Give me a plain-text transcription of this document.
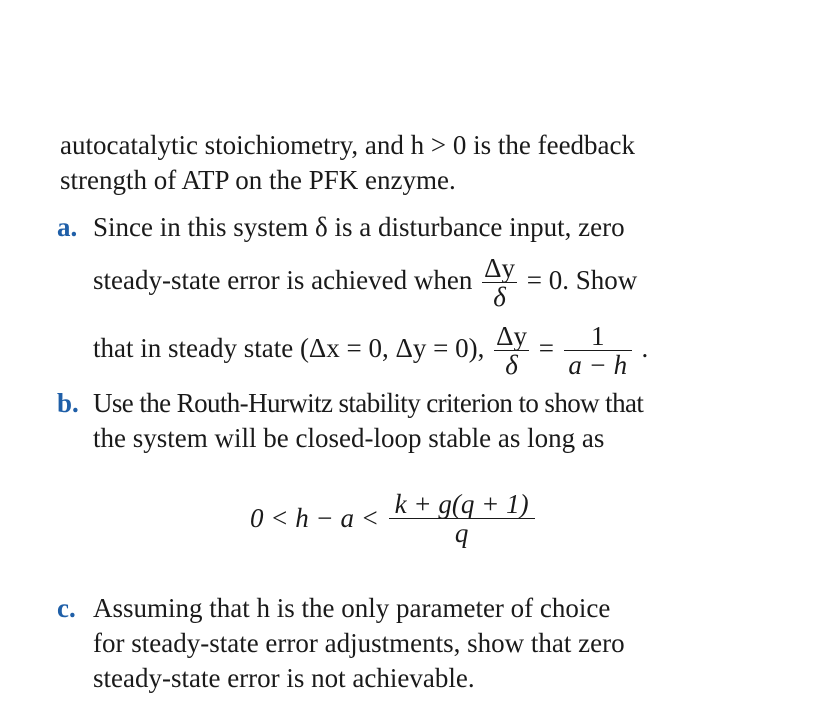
autocatalytic stoichiometry, and h > 0 is the feedback
strength of ATP on the PFK enzyme.
a. Since in this system δ is a disturbance input, zero
steady-state error is achieved when $\frac{\Delta y}{\delta} = 0$. Show
that in steady state (Δx = 0, Δy = 0), $\frac{\Delta y}{\delta} = \frac{1}{a - h}$ .
b. Use the Routh-Hurwitz stability criterion to show that
the system will be closed-loop stable as long as
$0 < h - a < \frac{k + g(q + 1)}{q}$
c. Assuming that h is the only parameter of choice
for steady-state error adjustments, show that zero
steady-state error is not achievable.
